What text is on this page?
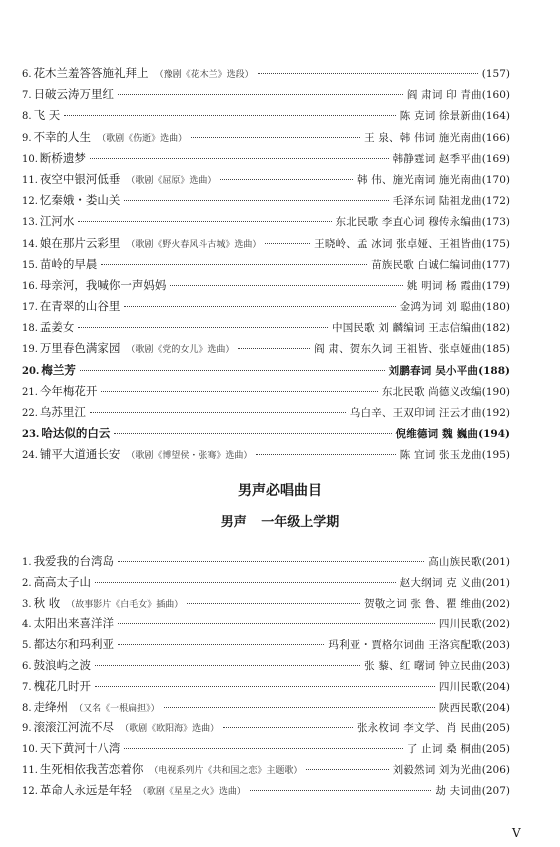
6 . 花木兰羞答答施礼拜上 （豫剧《花木兰》选段）	( 157 )
7 . 日破云涛万里红	阎 肃词 印 青曲 ( 160 )
8 . 飞 天	陈 克词 徐景新曲 ( 164 )
9 . 不幸的人生 （歌剧《伤逝》选曲）	王 泉、韩 伟词 施光南曲 ( 166 )
10 . 断桥遗梦	韩静霆词 赵季平曲 ( 169 )
11 . 夜空中银河低垂 （歌剧《屈原》选曲）	韩 伟、施光南词 施光南曲 ( 170 )
12 . 忆秦娥・娄山关	毛泽东词 陆祖龙曲 ( 172 )
13 . 江河水	东北民歌 李直心词 穆传永编曲 ( 173 )
14 . 娘在那片云彩里 （歌剧《野火春风斗古城》选曲）	王晓岭、孟 冰词 张卓娅、王祖皆曲 ( 175 )
15 . 苗岭的早晨	苗族民歌 白诚仁编词曲 ( 177 )
16 . 母亲河，我喊你一声妈妈	姚 明词 杨 霞曲 ( 179 )
17 . 在青翠的山谷里	金鸿为词 刘 聪曲 ( 180 )
18 . 孟姜女	中国民歌 刘 麟编词 王志信编曲 ( 182 )
19 . 万里春色满家园 （歌剧《党的女儿》选曲）	阎 肃、贺东久词 王祖皆、张卓娅曲 ( 185 )
20 . 梅兰芳	刘鹏春词 吴小平曲 ( 188 )
21 . 今年梅花开	东北民歌 尚德义改编 ( 190 )
22 . 乌苏里江	乌白辛、王双印词 汪云才曲 ( 192 )
23 . 哈达似的白云	倪维德词 魏 巍曲 ( 194 )
24 . 铺平大道通长安 （歌剧《博望侯・张骞》选曲）	陈 宜词 张玉龙曲 ( 195 )
男声必唱曲目
男声 一年级上学期
1 . 我爱我的台湾岛	高山族民歌 ( 201 )
2 . 高高太子山	赵大纲词 克 义曲 ( 201 )
3 . 秋 收 （故事影片《白毛女》插曲）	贺敬之词 张 鲁、瞿 维曲 ( 202 )
4 . 太阳出来喜洋洋	四川民歌 ( 202 )
5 . 都达尔和玛利亚	玛利亚・賈格尔词曲 王洛宾配歌 ( 203 )
6 . 鼓浪屿之波	张 藜、红 曙词 钟立民曲 ( 203 )
7 . 槐花几时开	四川民歌 ( 204 )
8 . 走绛州 （又名《一根扁担》）	陕西民歌 ( 204 )
9 . 滚滚江河流不尽 （歌剧《欧阳海》选曲）	张永枚词 李文学、肖 民曲 ( 205 )
10 . 天下黄河十八湾	了 止词 桑 桐曲 ( 205 )
11 . 生死相依我苦恋着你 （电视系列片《共和国之恋》主题歌）	刘毅然词 刘为光曲 ( 206 )
12 . 革命人永远是年轻 （歌剧《星星之火》选曲）	劫 夫词曲 ( 207 )
V
